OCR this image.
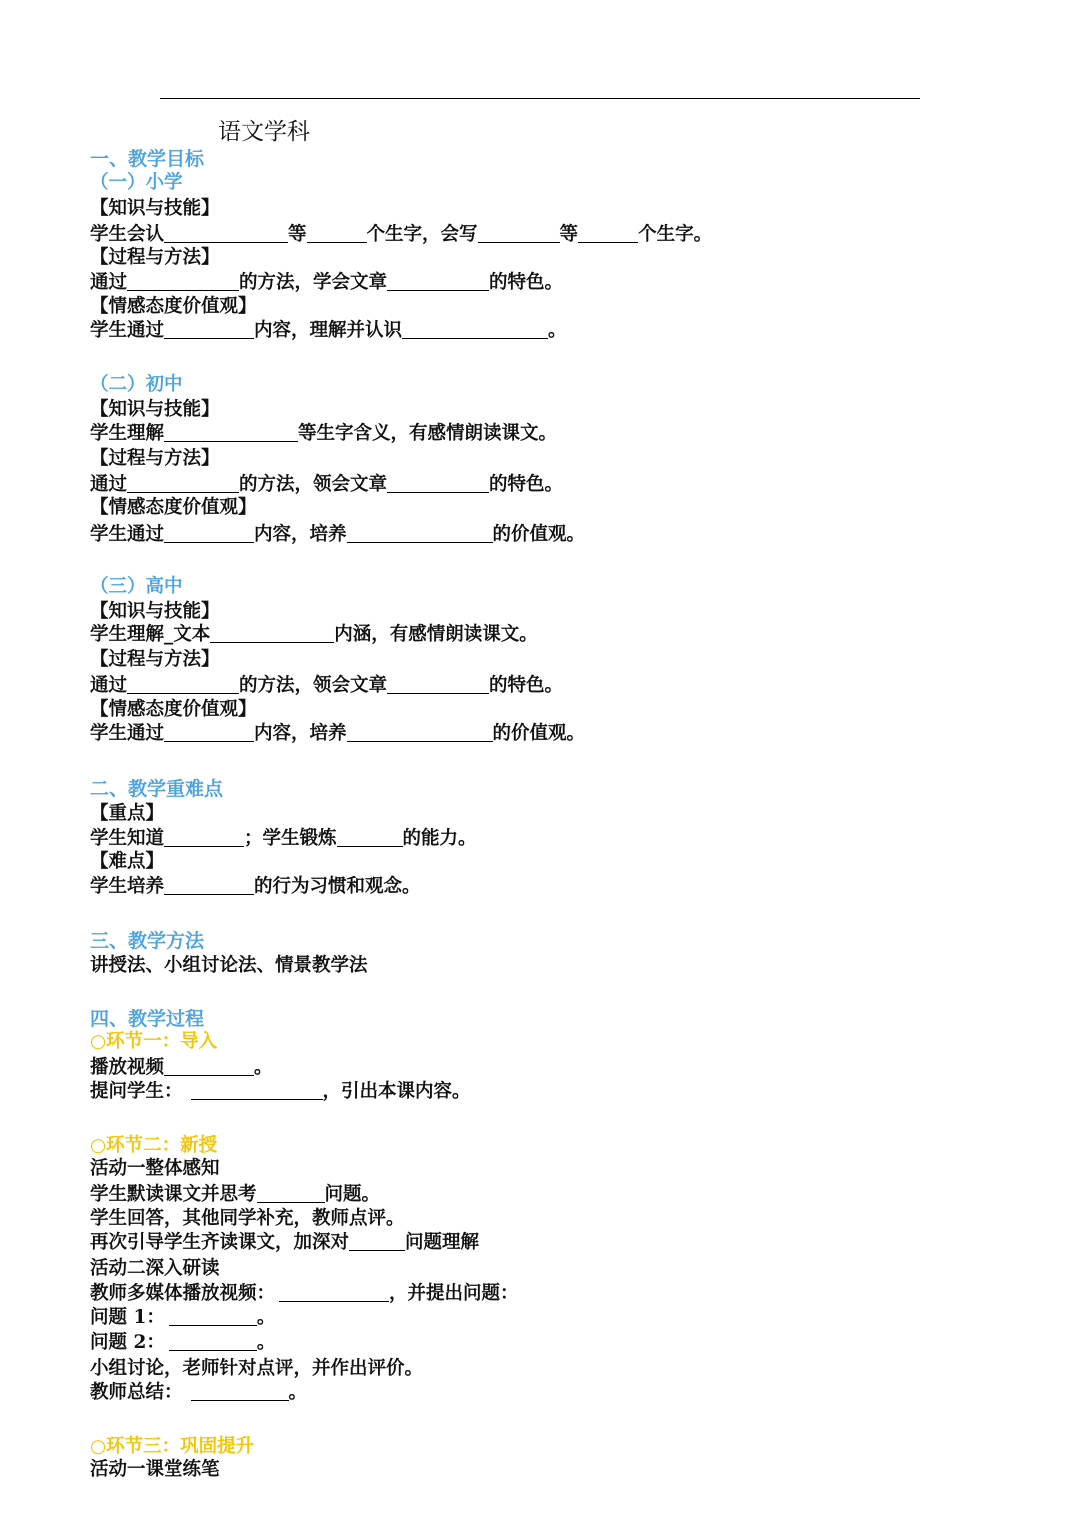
语文学科
一、教学目标
（一）小学
【知识与技能】
学生会认	等	个生字，会写	等	个生字。
【过程与方法】
通过	的方法，学会文章	的特色。
【情感态度价值观】
学生通过	内容，理解并认识	。
（二）初中
【知识与技能】
学生理解	等生字含义，有感情朗读课文。
【过程与方法】
通过	的方法，领会文章	的特色。
【情感态度价值观】
学生通过	内容，培养	的价值观。
（三）高中
【知识与技能】
学生理解_文本	内涵，有感情朗读课文。
【过程与方法】
通过	的方法，领会文章	的特色。
【情感态度价值观】
学生通过	内容，培养	的价值观。
二、教学重难点
【重点】
学生知道	；学生锻炼	的能力。
【难点】
学生培养	的行为习惯和观念。
三、教学方法
讲授法、小组讨论法、情景教学法
四、教学过程
○环节一：导入
播放视频	。
提问学生：	，引出本课内容。
○环节二：新授
活动一整体感知
学生默读课文并思考	问题。
学生回答，其他同学补充，教师点评。
再次引导学生齐读课文，加深对	问题理解
活动二深入研读
教师多媒体播放视频：	，并提出问题：
问题 1：	。
问题 2：	。
小组讨论，老师针对点评，并作出评价。
教师总结：	。
○环节三：巩固提升
活动一课堂练笔
